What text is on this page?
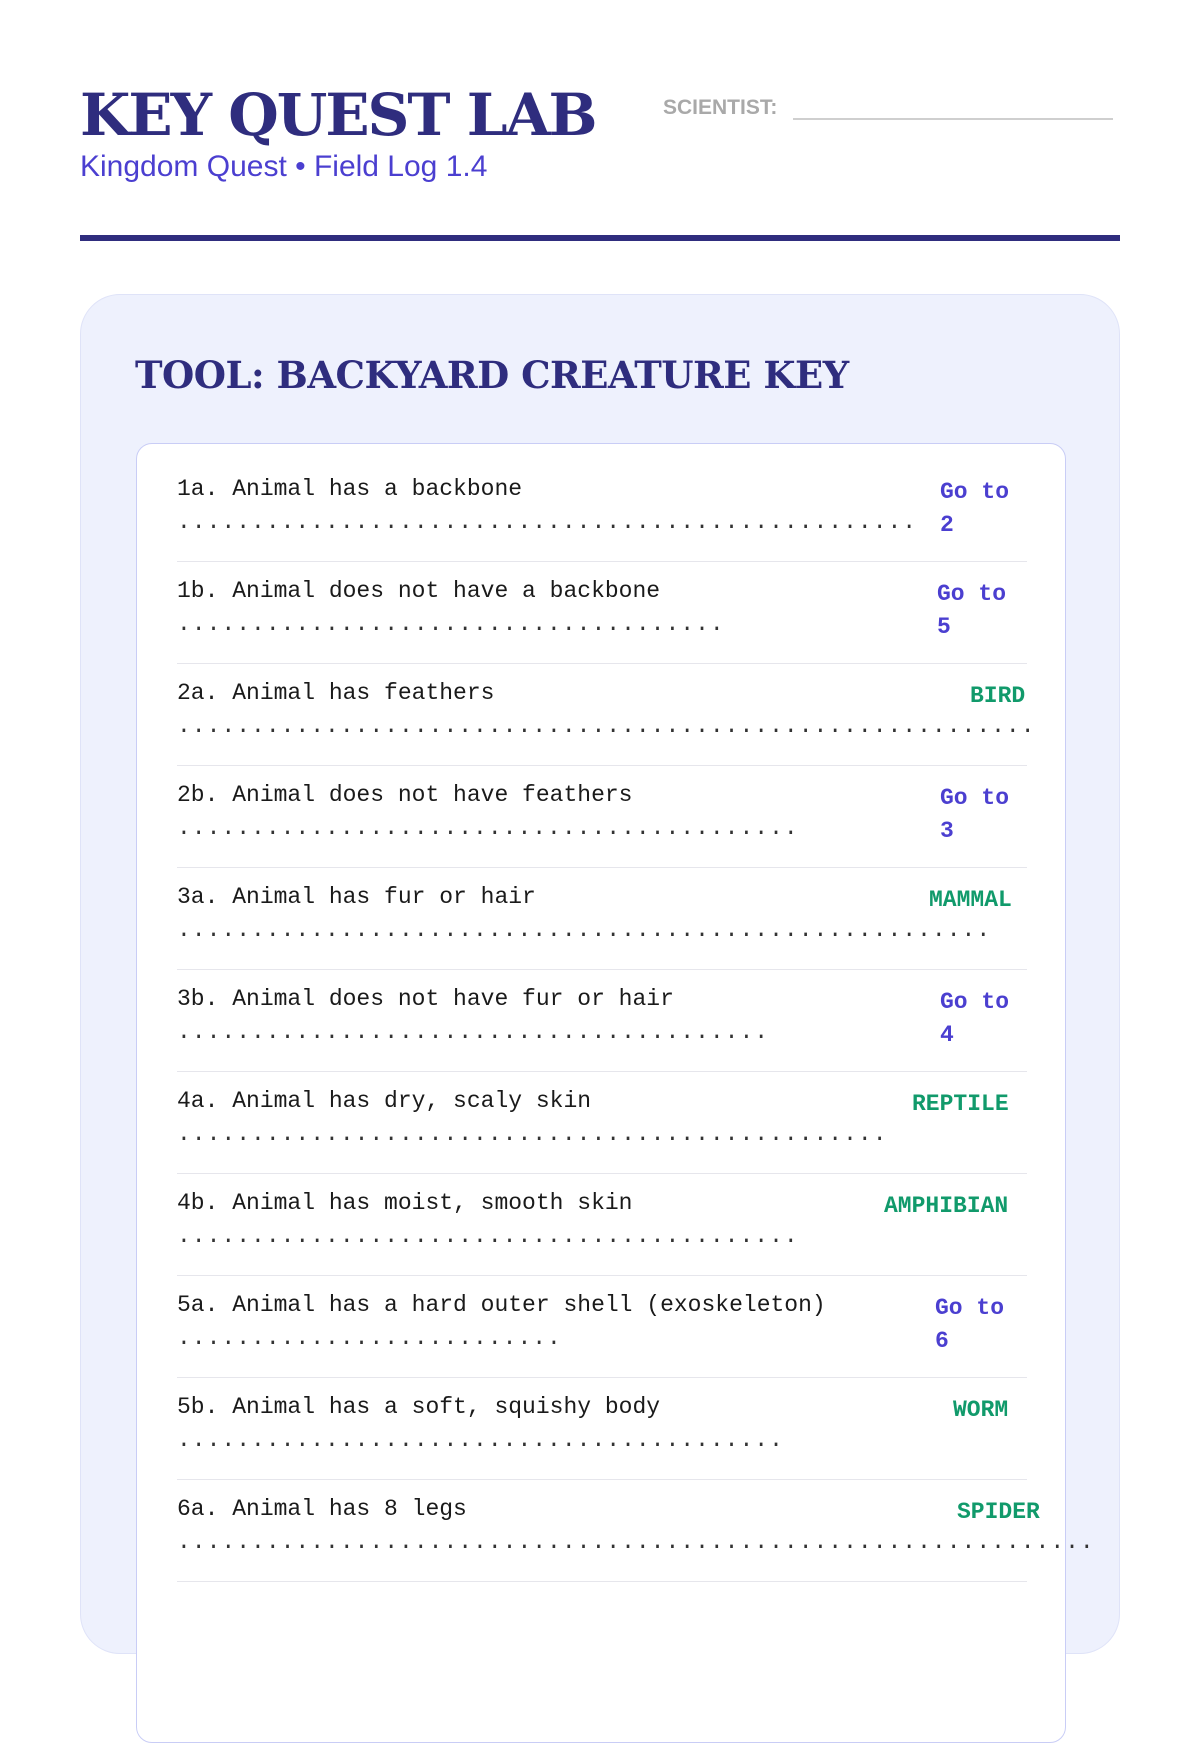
KEY QUEST LAB
Kingdom Quest • Field Log 1.4
SCIENTIST:
TOOL: BACKYARD CREATURE KEY
1a. Animal has a backbone
..................................................
Go to 2
1b. Animal does not have a backbone
.....................................
Go to 5
2a. Animal has feathers
..........................................................
BIRD
2b. Animal does not have feathers
..........................................
Go to 3
3a. Animal has fur or hair
.......................................................
MAMMAL
3b. Animal does not have fur or hair
........................................
Go to 4
4a. Animal has dry, scaly skin
................................................
REPTILE
4b. Animal has moist, smooth skin
..........................................
AMPHIBIAN
5a. Animal has a hard outer shell (exoskeleton)
..........................
Go to 6
5b. Animal has a soft, squishy body
.........................................
WORM
6a. Animal has 8 legs
..............................................................
SPIDER
